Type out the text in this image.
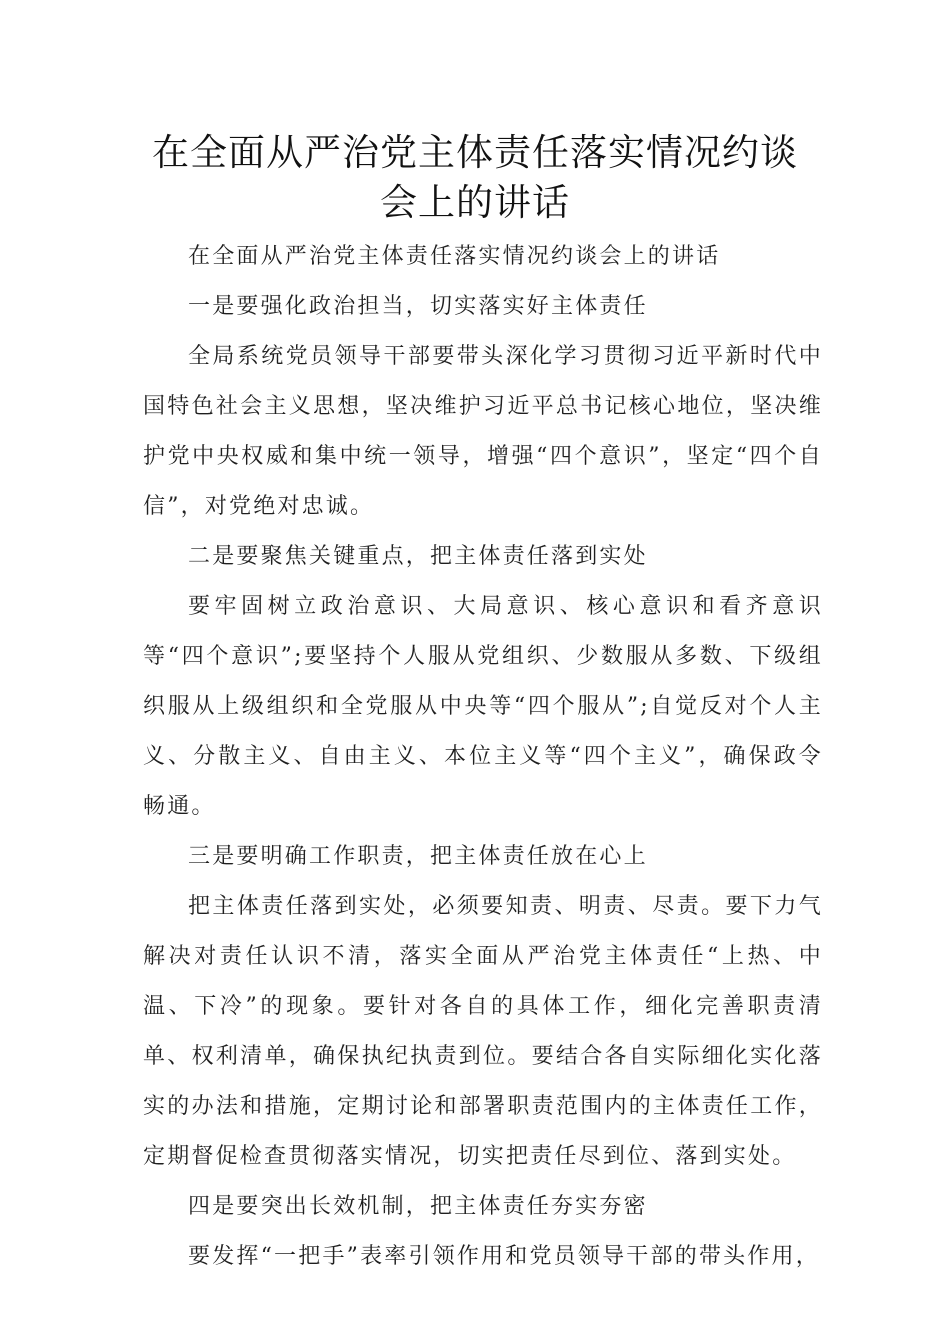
在全面从严治党主体责任落实情况约谈
会上的讲话

在全面从严治党主体责任落实情况约谈会上的讲话

一是要强化政治担当，切实落实好主体责任

全局系统党员领导干部要带头深化学习贯彻习近平新时代中国特色社会主义思想，坚决维护习近平总书记核心地位，坚决维护党中央权威和集中统一领导，增强“四个意识”，坚定“四个自信”，对党绝对忠诚。

二是要聚焦关键重点，把主体责任落到实处

要牢固树立政治意识、大局意识、核心意识和看齐意识等“四个意识”;要坚持个人服从党组织、少数服从多数、下级组织服从上级组织和全党服从中央等“四个服从”;自觉反对个人主义、分散主义、自由主义、本位主义等“四个主义”，确保政令畅通。

三是要明确工作职责，把主体责任放在心上

把主体责任落到实处，必须要知责、明责、尽责。要下力气解决对责任认识不清，落实全面从严治党主体责任“上热、中温、下冷”的现象。要针对各自的具体工作，细化完善职责清单、权利清单，确保执纪执责到位。要结合各自实际细化实化落实的办法和措施，定期讨论和部署职责范围内的主体责任工作，定期督促检查贯彻落实情况，切实把责任尽到位、落到实处。

四是要突出长效机制，把主体责任夯实夯密

要发挥“一把手”表率引领作用和党员领导干部的带头作用，
